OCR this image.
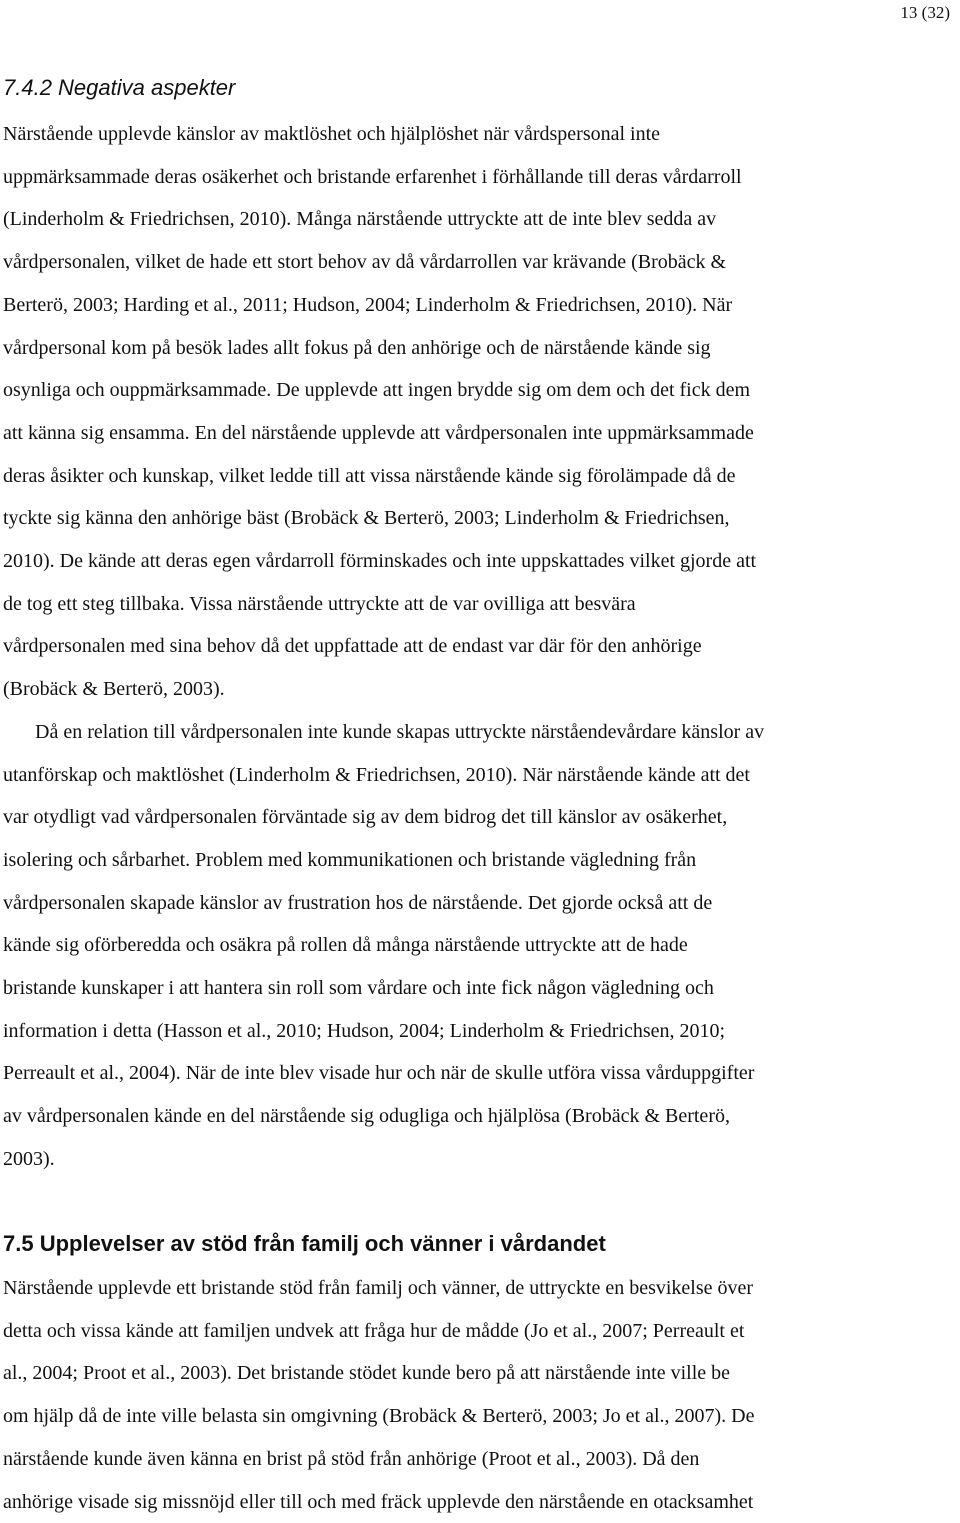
13 (32)
7.4.2 Negativa aspekter
Närstående upplevde känslor av maktlöshet och hjälplöshet när vårdspersonal inte
uppmärksammade deras osäkerhet och bristande erfarenhet i förhållande till deras vårdarroll
(Linderholm & Friedrichsen, 2010). Många närstående uttryckte att de inte blev sedda av
vårdpersonalen, vilket de hade ett stort behov av då vårdarrollen var krävande (Brobäck &
Berterö, 2003; Harding et al., 2011; Hudson, 2004; Linderholm & Friedrichsen, 2010). När
vårdpersonal kom på besök lades allt fokus på den anhörige och de närstående kände sig
osynliga och ouppmärksammade. De upplevde att ingen brydde sig om dem och det fick dem
att känna sig ensamma. En del närstående upplevde att vårdpersonalen inte uppmärksammade
deras åsikter och kunskap, vilket ledde till att vissa närstående kände sig förolämpade då de
tyckte sig känna den anhörige bäst (Brobäck & Berterö, 2003; Linderholm & Friedrichsen,
2010). De kände att deras egen vårdarroll förminskades och inte uppskattades vilket gjorde att
de tog ett steg tillbaka. Vissa närstående uttryckte att de var ovilliga att besvära
vårdpersonalen med sina behov då det uppfattade att de endast var där för den anhörige
(Brobäck & Berterö, 2003).
Då en relation till vårdpersonalen inte kunde skapas uttryckte närståendevårdare känslor av
utanförskap och maktlöshet (Linderholm & Friedrichsen, 2010). När närstående kände att det
var otydligt vad vårdpersonalen förväntade sig av dem bidrog det till känslor av osäkerhet,
isolering och sårbarhet. Problem med kommunikationen och bristande vägledning från
vårdpersonalen skapade känslor av frustration hos de närstående. Det gjorde också att de
kände sig oförberedda och osäkra på rollen då många närstående uttryckte att de hade
bristande kunskaper i att hantera sin roll som vårdare och inte fick någon vägledning och
information i detta (Hasson et al., 2010; Hudson, 2004; Linderholm & Friedrichsen, 2010;
Perreault et al., 2004). När de inte blev visade hur och när de skulle utföra vissa vårduppgifter
av vårdpersonalen kände en del närstående sig odugliga och hjälplösa (Brobäck & Berterö,
2003).
7.5 Upplevelser av stöd från familj och vänner i vårdandet
Närstående upplevde ett bristande stöd från familj och vänner, de uttryckte en besvikelse över
detta och vissa kände att familjen undvek att fråga hur de mådde (Jo et al., 2007; Perreault et
al., 2004; Proot et al., 2003). Det bristande stödet kunde bero på att närstående inte ville be
om hjälp då de inte ville belasta sin omgivning (Brobäck & Berterö, 2003; Jo et al., 2007). De
närstående kunde även känna en brist på stöd från anhörige (Proot et al., 2003). Då den
anhörige visade sig missnöjd eller till och med fräck upplevde den närstående en otacksamhet
